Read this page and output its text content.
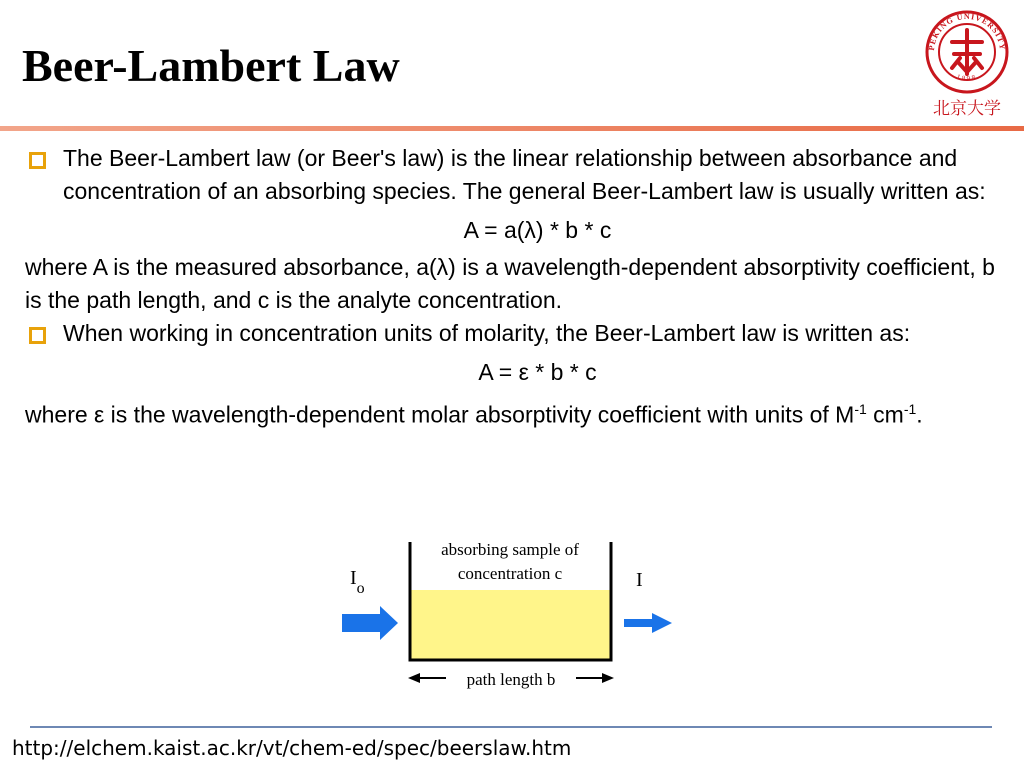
Beer-Lambert Law	PEKING UNIVERSITY
1898
北京大学

The Beer-Lambert law (or Beer's law) is the linear relationship between absorbance and concentration of an absorbing species. The general Beer-Lambert law is usually written as:

A = a(λ) * b * c

where A is the measured absorbance, a(λ) is a wavelength-dependent absorptivity coefficient, b is the path length, and c is the analyte concentration.

When working in concentration units of molarity, the Beer-Lambert law is written as:

A = ε * b * c

where ε is the wavelength-dependent molar absorptivity coefficient with units of $M^{-1}$ $cm^{-1}$.

absorbing sample of
concentration c
$I_o$	I
path length b
http://elchem.kaist.ac.kr/vt/chem-ed/spec/beerslaw.htm
